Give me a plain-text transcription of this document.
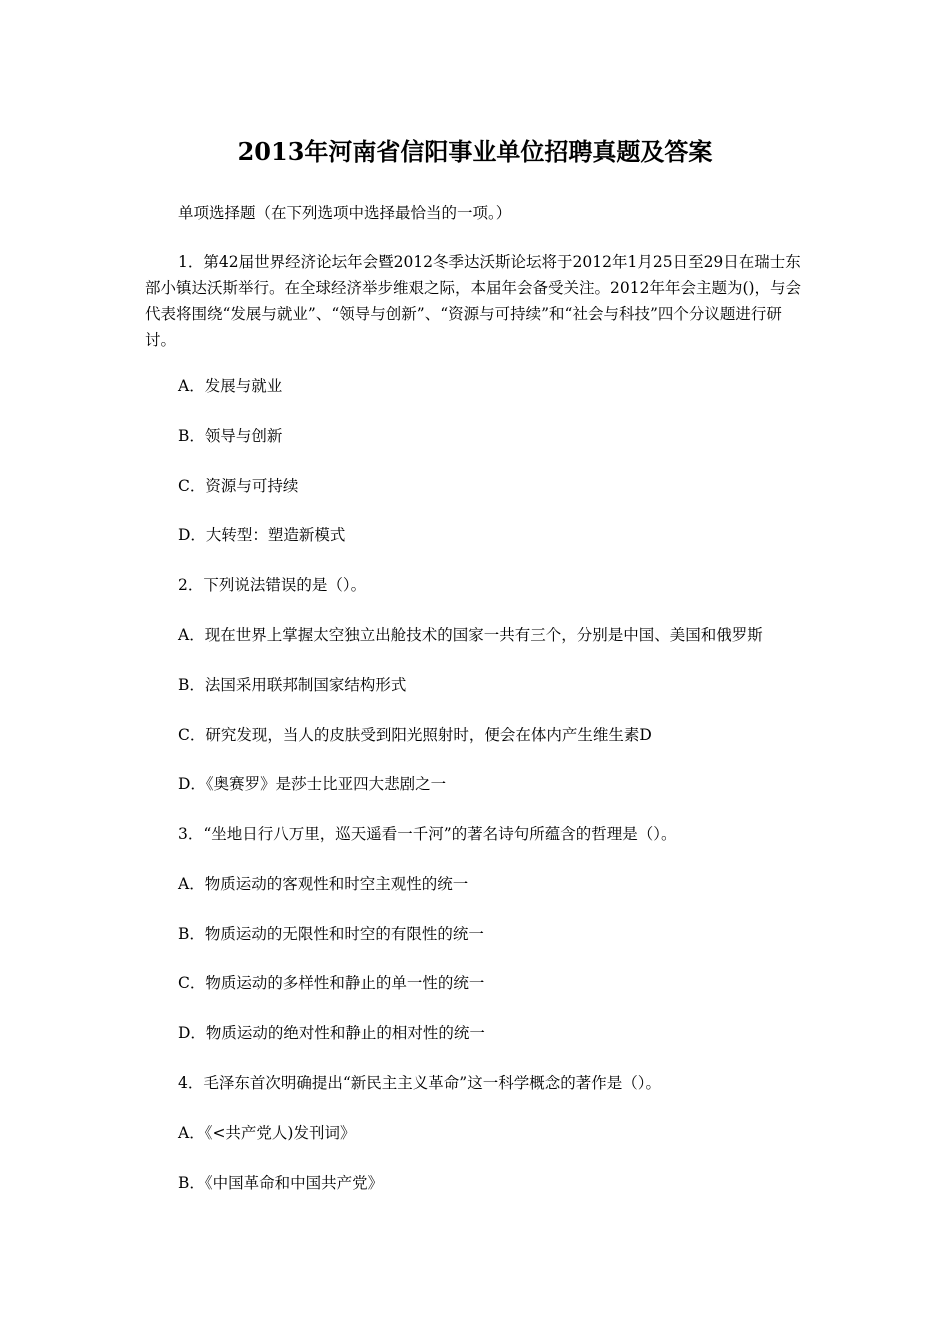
2013年河南省信阳事业单位招聘真题及答案
单项选择题（在下列选项中选择最恰当的一项。）
1．第42届世界经济论坛年会暨2012冬季达沃斯论坛将于2012年1月25日至29日在瑞士东部小镇达沃斯举行。在全球经济举步维艰之际，本届年会备受关注。2012年年会主题为()，与会代表将围绕“发展与就业”、“领导与创新”、“资源与可持续”和“社会与科技”四个分议题进行研讨。
A．发展与就业
B．领导与创新
C．资源与可持续
D．大转型：塑造新模式
2．下列说法错误的是（）。
A．现在世界上掌握太空独立出舱技术的国家一共有三个，分别是中国、美国和俄罗斯
B．法国采用联邦制国家结构形式
C．研究发现，当人的皮肤受到阳光照射时，便会在体内产生维生素D
D．《奥赛罗》是莎士比亚四大悲剧之一
3．“坐地日行八万里，巡天遥看一千河”的著名诗句所蕴含的哲理是（）。
A．物质运动的客观性和时空主观性的统一
B．物质运动的无限性和时空的有限性的统一
C．物质运动的多样性和静止的单一性的统一
D．物质运动的绝对性和静止的相对性的统一
4．毛泽东首次明确提出“新民主主义革命”这一科学概念的著作是（）。
A．《<共产党人)发刊词》
B．《中国革命和中国共产党》
